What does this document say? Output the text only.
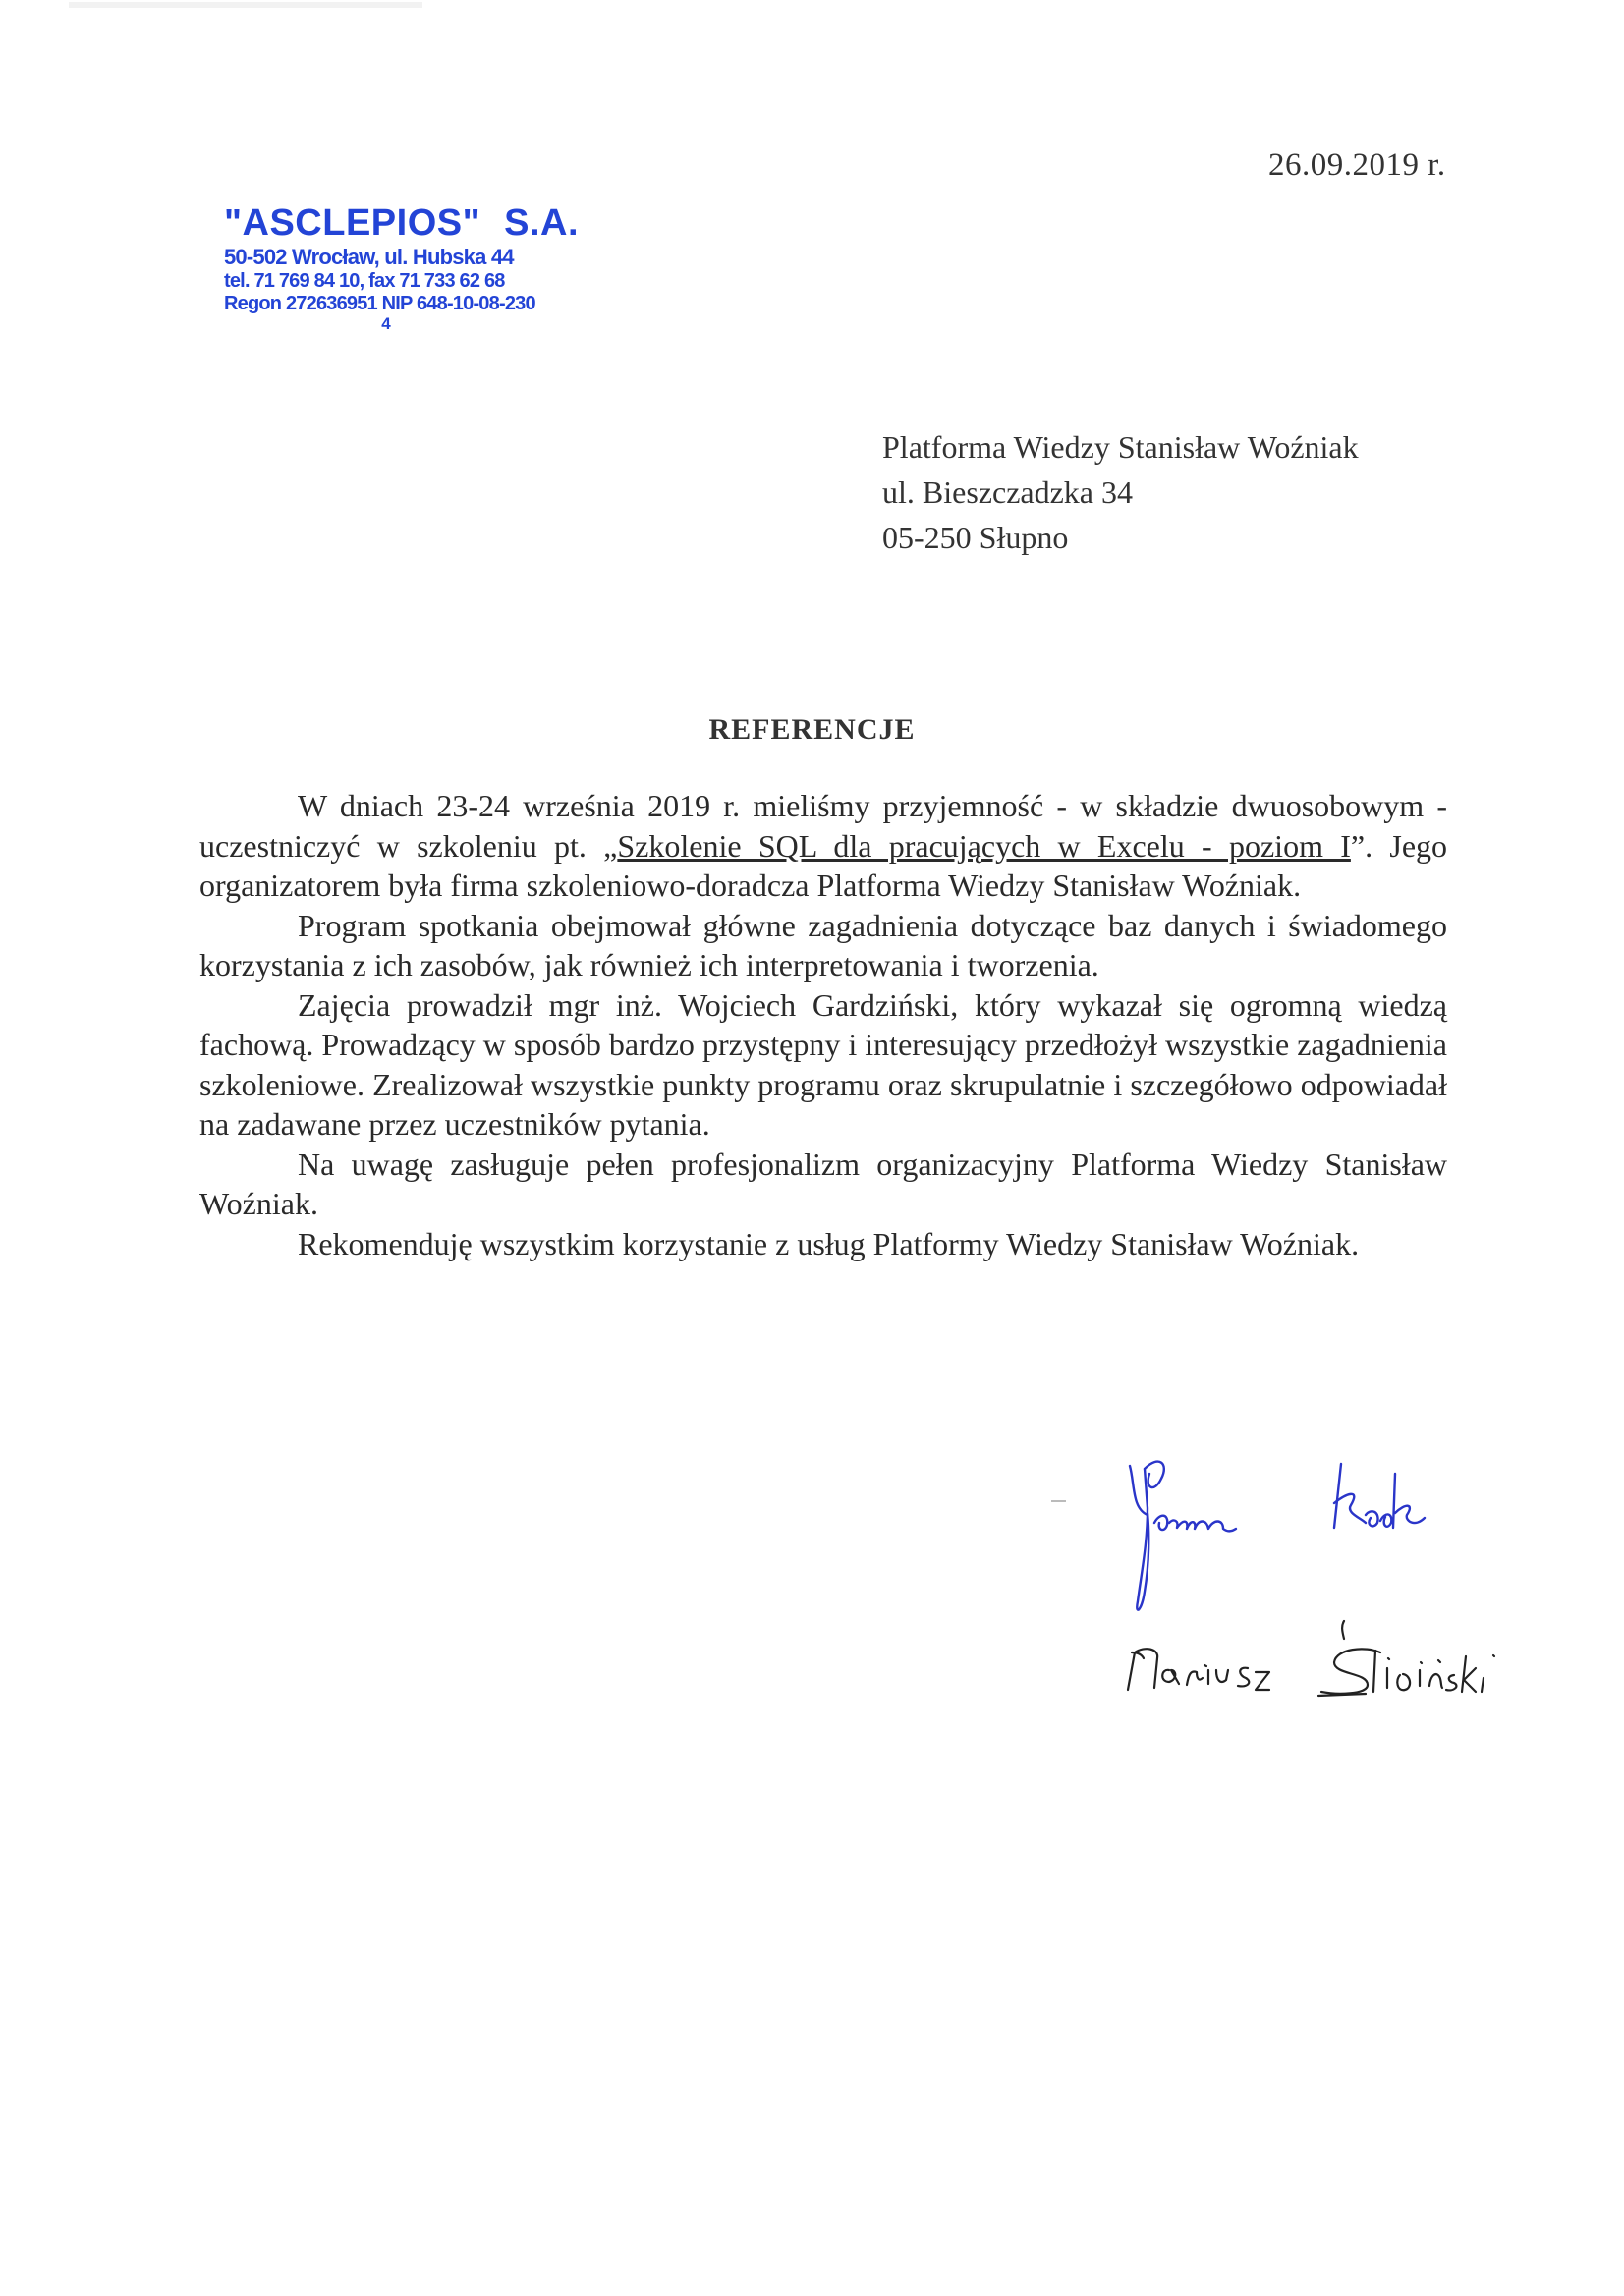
26.09.2019 r.
"ASCLEPIOS" S.A.
50-502 Wrocław, ul. Hubska 44
tel. 71 769 84 10, fax 71 733 62 68
Regon 272636951 NIP 648-10-08-230
4
Platforma Wiedzy Stanisław Woźniak
ul. Bieszczadzka 34
05-250 Słupno
REFERENCJE

W dniach 23-24 września 2019 r. mieliśmy przyjemność - w składzie dwuosobowym - uczestniczyć w szkoleniu pt. „Szkolenie SQL dla pracujących w Excelu - poziom I”. Jego organizatorem była firma szkoleniowo-doradcza Platforma Wiedzy Stanisław Woźniak.

Program spotkania obejmował główne zagadnienia dotyczące baz danych i świadomego korzystania z ich zasobów, jak również ich interpretowania i tworzenia.

Zajęcia prowadził mgr inż. Wojciech Gardziński, który wykazał się ogromną wiedzą fachową. Prowadzący w sposób bardzo przystępny i interesujący przedłożył wszystkie zagadnienia szkoleniowe. Zrealizował wszystkie punkty programu oraz skrupulatnie i szczegółowo odpowiadał na zadawane przez uczestników pytania.

Na uwagę zasługuje pełen profesjonalizm organizacyjny Platforma Wiedzy Stanisław Woźniak.

Rekomenduję wszystkim korzystanie z usług Platformy Wiedzy Stanisław Woźniak.
